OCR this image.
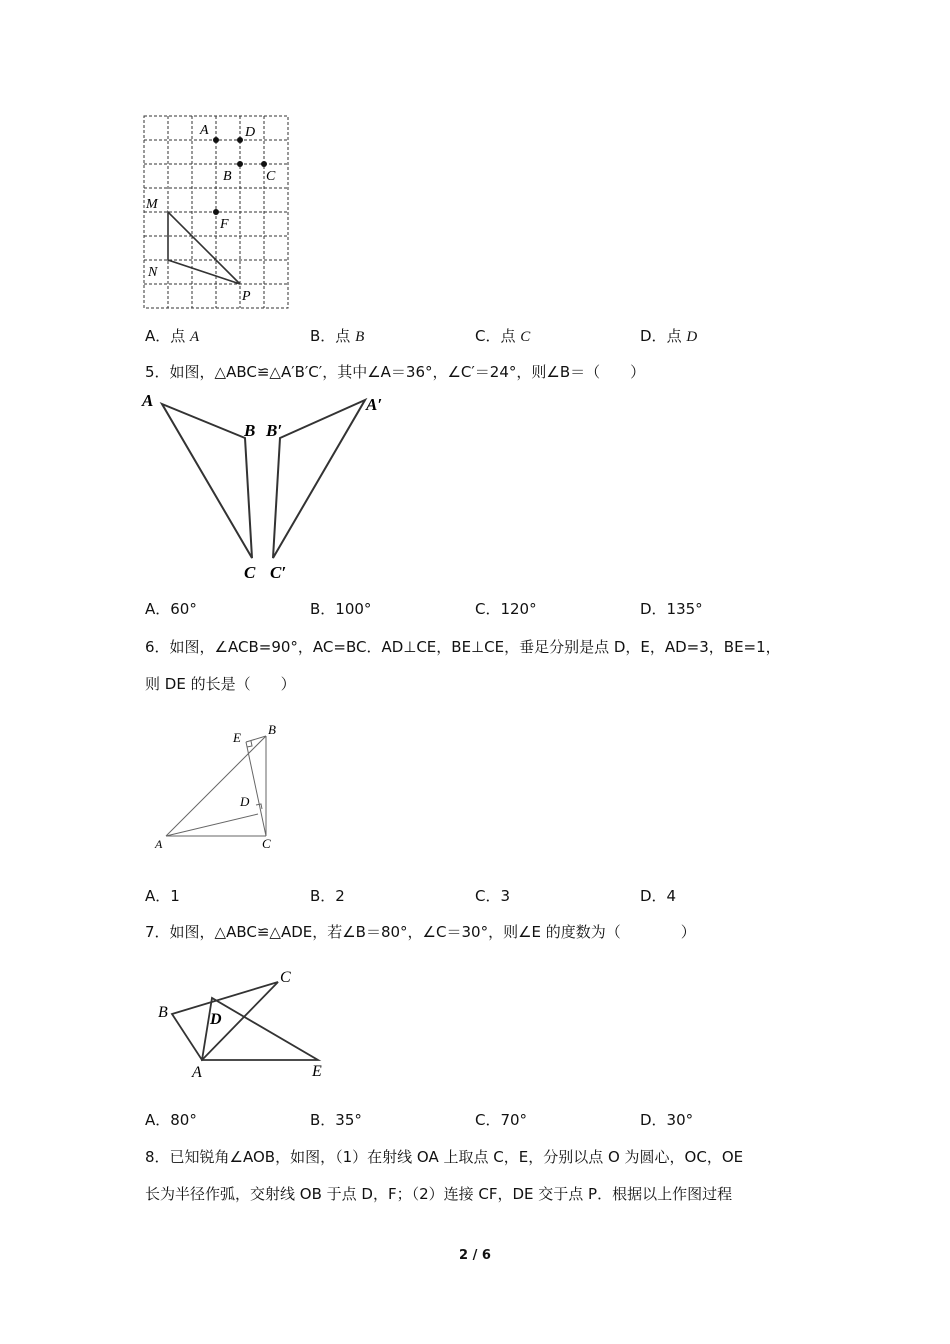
A	D
B C
M
F
N
P
A．点 A	B．点 B	C．点 C	D．点 D
5．如图，△ABC≌△A′B′C′，其中∠A＝36°，∠C′＝24°，则∠B＝（　　）
A
B B′
A′
C C′
A．60°	B．100°	C．120°	D．135°
6．如图，∠ACB=90°，AC=BC．AD⊥CE，BE⊥CE，垂足分别是点 D，E，AD=3，BE=1，
则 DE 的长是（　　）
E
B
D
A	C
A．1	B．2	C．3	D．4
7．如图，△ABC≌△ADE，若∠B＝80°，∠C＝30°，则∠E 的度数为（　　　　）
C
B	D
A	E
A．80°	B．35°	C．70°	D．30°
8．已知锐角∠AOB，如图，（1）在射线 OA 上取点 C，E，分别以点 O 为圆心，OC，OE
长为半径作弧，交射线 OB 于点 D，F；（2）连接 CF，DE 交于点 P．根据以上作图过程
2 / 6
